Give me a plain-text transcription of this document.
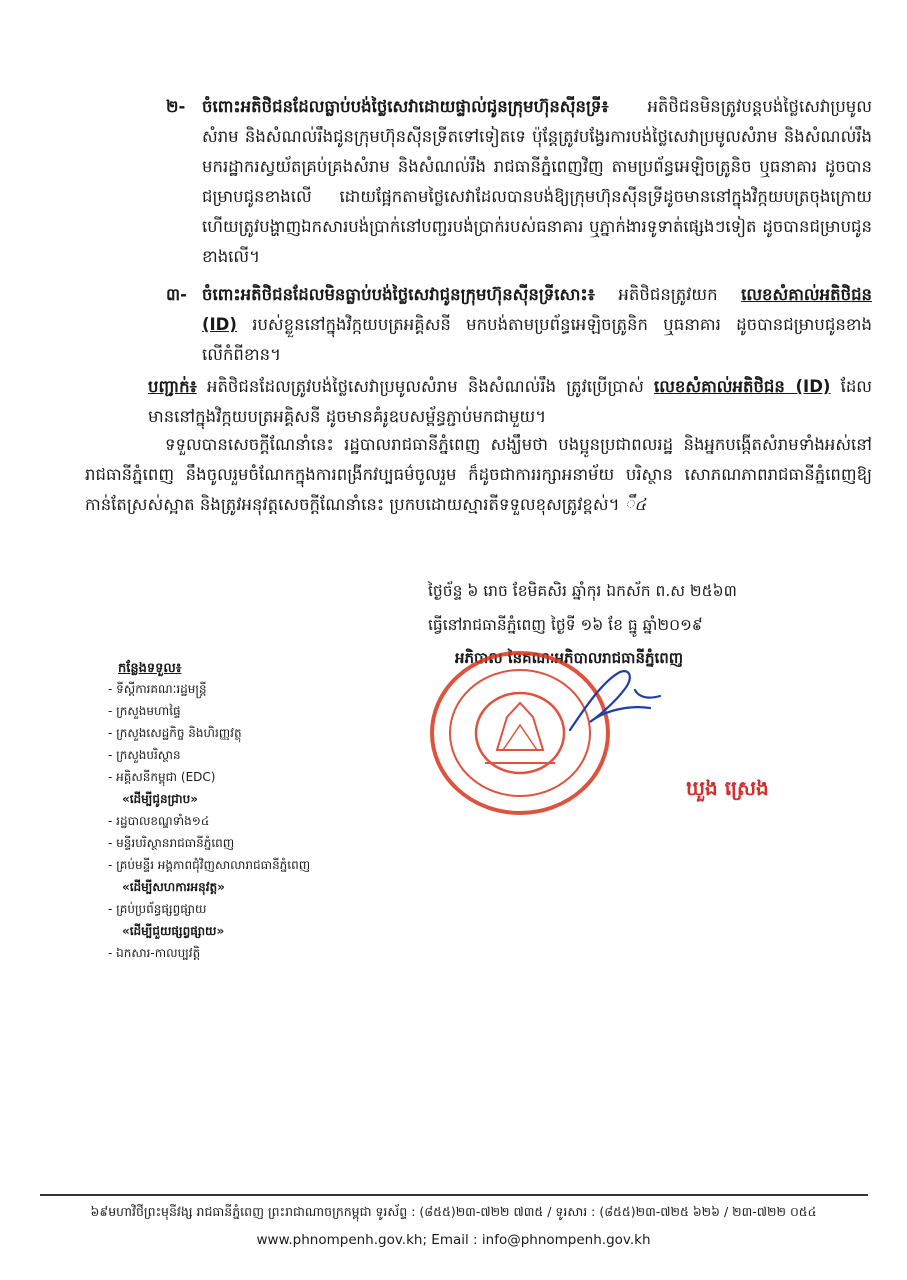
២- ចំពោះអតិថិជនដែលធ្លាប់បង់ថ្លៃសេវាដោយផ្ទាល់ជូនក្រុមហ៊ុនស៊ីនទ្រី៖ អតិថិជនមិនត្រូវបន្តបង់ថ្លៃសេវាប្រមូលសំរាម និងសំណល់រឹងជូនក្រុមហ៊ុនស៊ីនទ្រីតទៅទៀតទេ ប៉ុន្តែត្រូវបង្វែរការបង់ថ្លៃសេវាប្រមូលសំរាម និងសំណល់រឹង មករដ្ឋាករស្វយ័តគ្រប់គ្រងសំរាម និងសំណល់រឹង រាជធានីភ្នំពេញវិញ តាមប្រព័ន្ធអេឡិចត្រូនិច ឬធនាគារ ដូចបានជម្រាបជូនខាងលើ ដោយផ្អែកតាមថ្លៃសេវាដែលបានបង់ឱ្យក្រុមហ៊ុនស៊ីនទ្រីដូចមាននៅក្នុងវិក្កយបត្រចុងក្រោយ ហើយត្រូវបង្ហាញឯកសារបង់ប្រាក់នៅបញ្ជរបង់ប្រាក់របស់ធនាគារ ឬភ្នាក់ងារទូទាត់ផ្សេងៗទៀត ដូចបានជម្រាបជូនខាងលើ។
៣- ចំពោះអតិថិជនដែលមិនធ្លាប់បង់ថ្លៃសេវាជូនក្រុមហ៊ុនស៊ីនទ្រីសោះ៖ អតិថិជនត្រូវយក លេខសំគាល់អតិថិជន (ID) របស់ខ្លួននៅក្នុងវិក្កយបត្រអគ្គិសនី មកបង់តាមប្រព័ន្ធអេឡិចត្រូនិក ឬធនាគារ ដូចបានជម្រាបជូនខាងលើកំពីខាន។
បញ្ជាក់៖ អតិថិជនដែលត្រូវបង់ថ្លៃសេវាប្រមូលសំរាម និងសំណល់រឹង ត្រូវប្រើប្រាស់ លេខសំគាល់អតិថិជន (ID) ដែលមាននៅក្នុងវិក្កយបត្រអគ្គិសនី ដូចមានគំរូឧបសម្ព័ន្ធភ្ជាប់មកជាមួយ។
ទទួលបានសេចក្ដីណែនាំនេះ រដ្ឋបាលរាជធានីភ្នំពេញ សង្ឃឹមថា បងប្អូនប្រជាពលរដ្ឋ និងអ្នកបង្កើតសំរាមទាំងអស់នៅរាជធានីភ្នំពេញ នឹងចូលរួមចំណែកក្នុងការពង្រីកវប្បធម៌ចូលរួម ក៏ដូចជាការរក្សាអនាម័យ បរិស្ថាន សោភណភាពរាជធានីភ្នំពេញឱ្យកាន់តែស្រស់ស្អាត និងត្រូវអនុវត្តសេចក្ដីណែនាំនេះ ប្រកបដោយស្មារតីទទួលខុសត្រូវខ្ពស់។ ឹ៤
ថ្ងៃច័ន្ទ ៦ រោច ខែមិគសិរ ឆ្នាំកុរ ឯកស័ក ព.ស ២៥៦៣
ធ្វើនៅរាជធានីភ្នំពេញ ថ្ងៃទី ១៦ ខែ ធ្នូ ឆ្នាំ២០១៩
អភិបាល នៃគណៈអភិបាលរាជធានីភ្នំពេញ
ឃួង ស្រេង
កន្លែងទទួល៖
- ទីស្ដីការគណៈរដ្ឋមន្ត្រី
- ក្រសួងមហាផ្ទៃ
- ក្រសួងសេដ្ឋកិច្ច និងហិរញ្ញវត្ថុ
- ក្រសួងបរិស្ថាន
- អគ្គិសនីកម្ពុជា (EDC)
«ដើម្បីជូនជ្រាប»
- រដ្ឋបាលខណ្ឌទាំង១៤
- មន្ទីរបរិស្ថានរាជធានីភ្នំពេញ
- គ្រប់មន្ទីរ អង្គភាពជុំវិញសាលារាជធានីភ្នំពេញ
«ដើម្បីសហការអនុវត្ត»
- គ្រប់ប្រព័ន្ធផ្សព្វផ្សាយ
«ដើម្បីជួយផ្សព្វផ្សាយ»
- ឯកសារ-កាលប្បវត្តិ
៦៩មហាវិថីព្រះមុនីវង្ស រាជធានីភ្នំពេញ ព្រះរាជាណាចក្រកម្ពុជា ទូរស័ព្ទ : (៨៥៥)២៣-៧២២ ៧៣៥ / ទូរសារ : (៨៥៥)២៣-៧២៥ ៦២៦ / ២៣-៧២២ ០៥៤
www.phnompenh.gov.kh; Email : info@phnompenh.gov.kh
